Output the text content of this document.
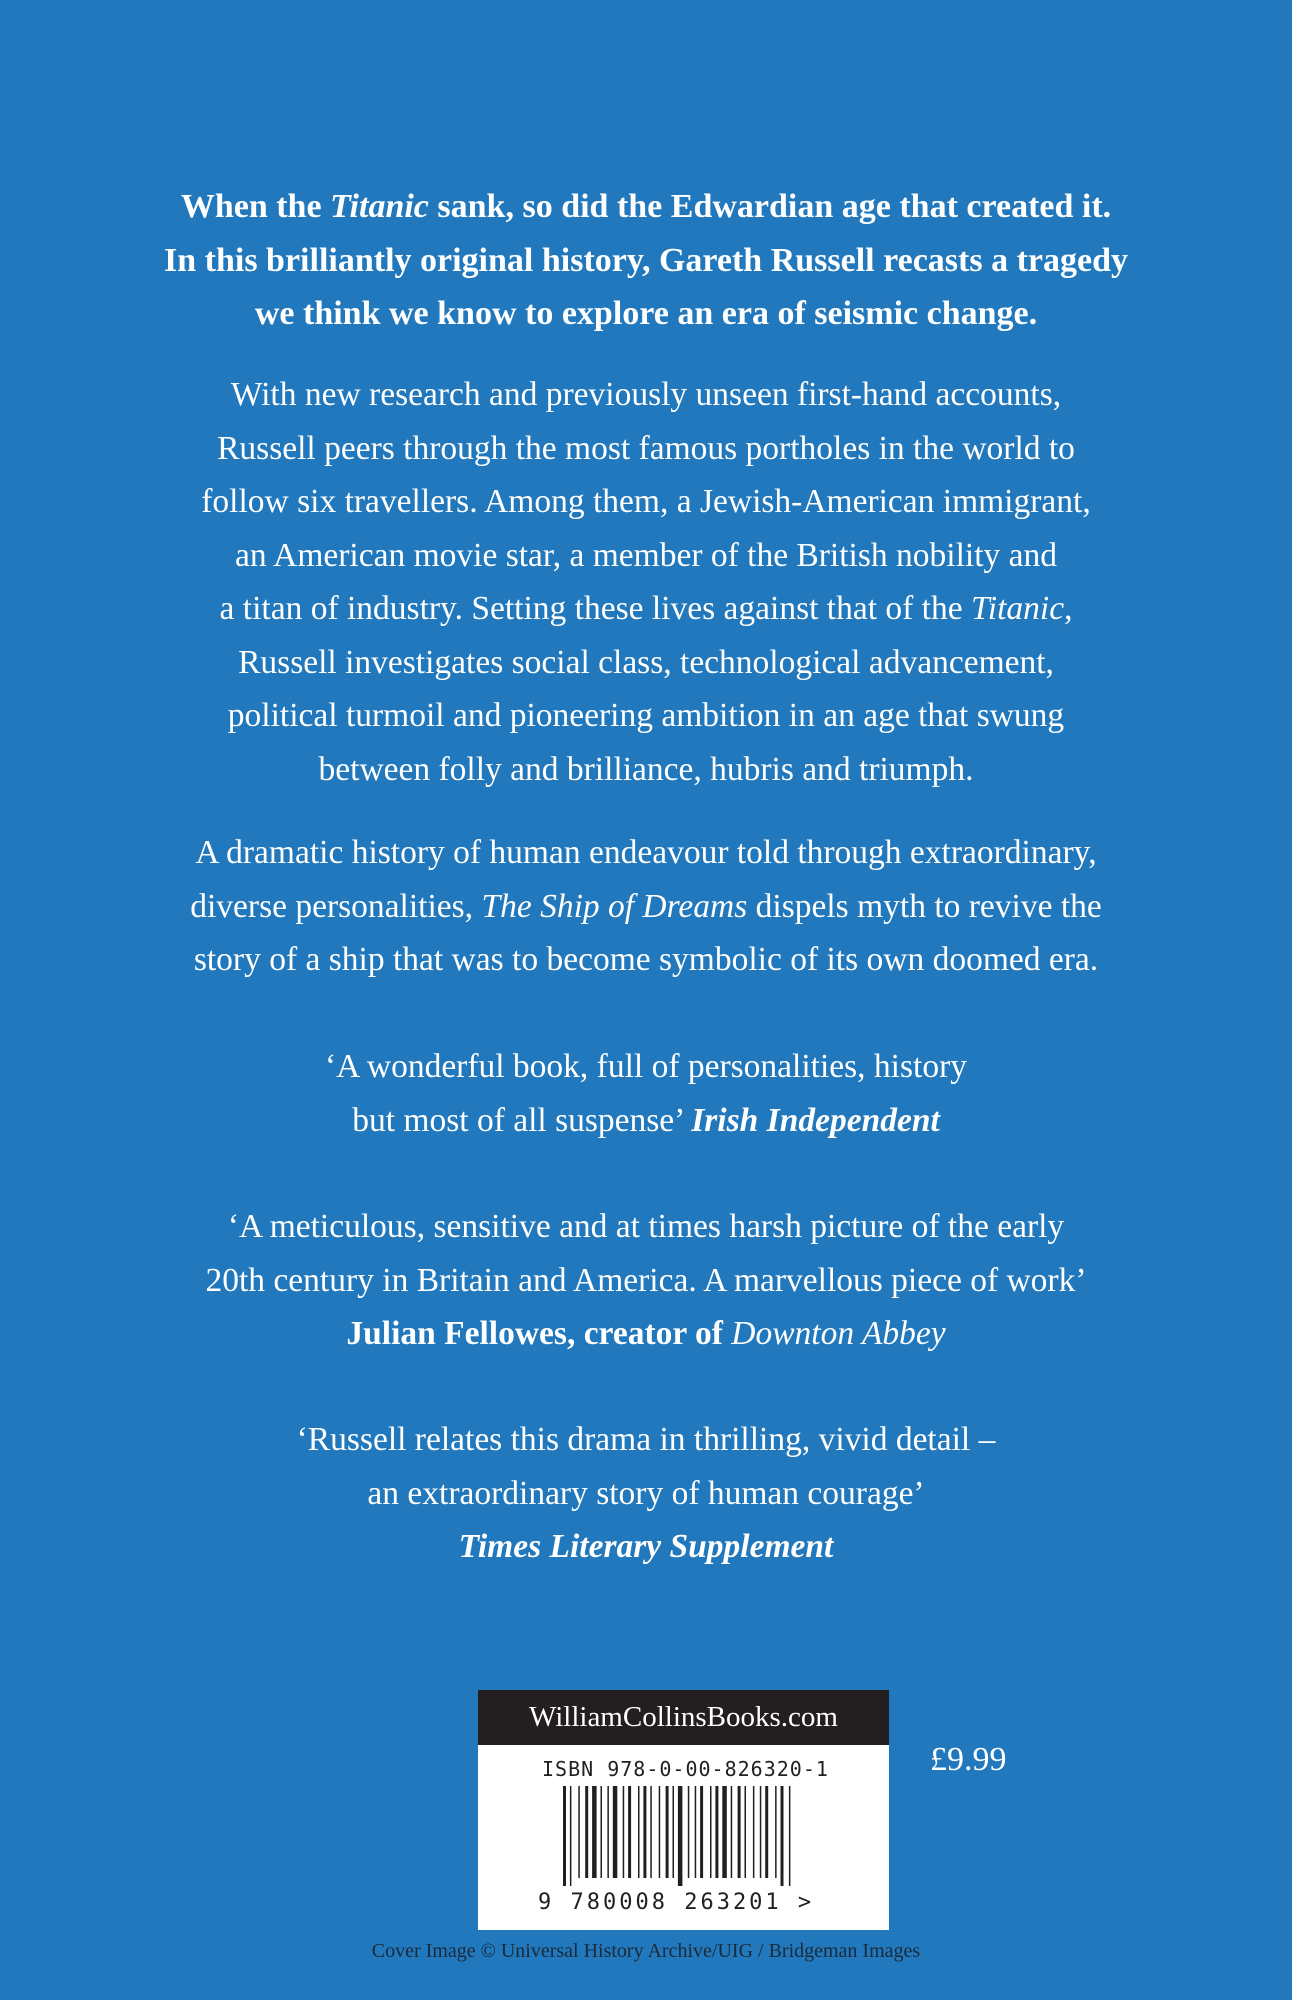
When the Titanic sank, so did the Edwardian age that created it.
In this brilliantly original history, Gareth Russell recasts a tragedy
we think we know to explore an era of seismic change.
With new research and previously unseen first-hand accounts,
Russell peers through the most famous portholes in the world to
follow six travellers. Among them, a Jewish-American immigrant,
an American movie star, a member of the British nobility and
a titan of industry. Setting these lives against that of the Titanic,
Russell investigates social class, technological advancement,
political turmoil and pioneering ambition in an age that swung
between folly and brilliance, hubris and triumph.
A dramatic history of human endeavour told through extraordinary,
diverse personalities, The Ship of Dreams dispels myth to revive the
story of a ship that was to become symbolic of its own doomed era.
‘A wonderful book, full of personalities, history
but most of all suspense’ Irish Independent
‘A meticulous, sensitive and at times harsh picture of the early
20th century in Britain and America. A marvellous piece of work’
Julian Fellowes, creator of Downton Abbey
‘Russell relates this drama in thrilling, vivid detail –
an extraordinary story of human courage’
Times Literary Supplement
WilliamCollinsBooks.com
ISBN 978-0-00-826320-1
9 780008 263201 >
£9.99
Cover Image © Universal History Archive/UIG / Bridgeman Images
